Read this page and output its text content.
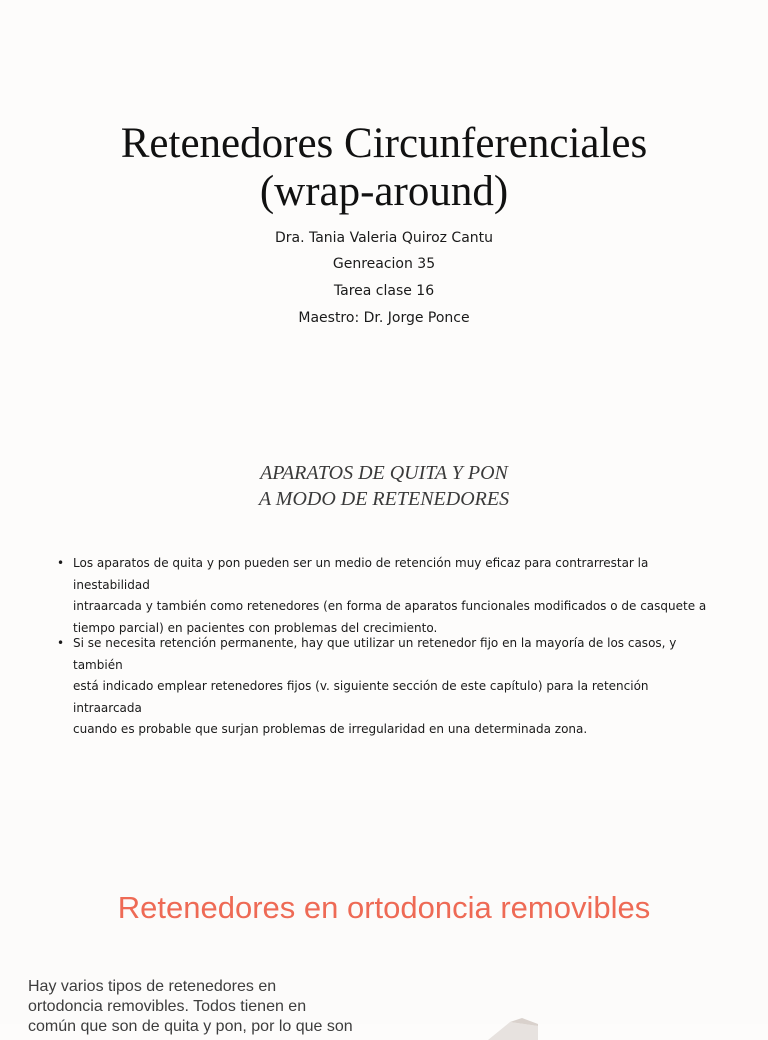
Retenedores Circunferenciales
(wrap-around)
Dra. Tania Valeria Quiroz Cantu
Genreacion 35
Tarea clase 16
Maestro: Dr. Jorge Ponce
APARATOS DE QUITA Y PON
A MODO DE RETENEDORES
• Los aparatos de quita y pon pueden ser un medio de retención muy eficaz para contrarrestar la inestabilidad
intraarcada y también como retenedores (en forma de aparatos funcionales modificados o de casquete a
tiempo parcial) en pacientes con problemas del crecimiento.
• Si se necesita retención permanente, hay que utilizar un retenedor fijo en la mayoría de los casos, y también
está indicado emplear retenedores fijos (v. siguiente sección de este capítulo) para la retención intraarcada
cuando es probable que surjan problemas de irregularidad en una determinada zona.
Retenedores en ortodoncia removibles
Hay varios tipos de retenedores en
ortodoncia removibles. Todos tienen en
común que son de quita y pon, por lo que son
